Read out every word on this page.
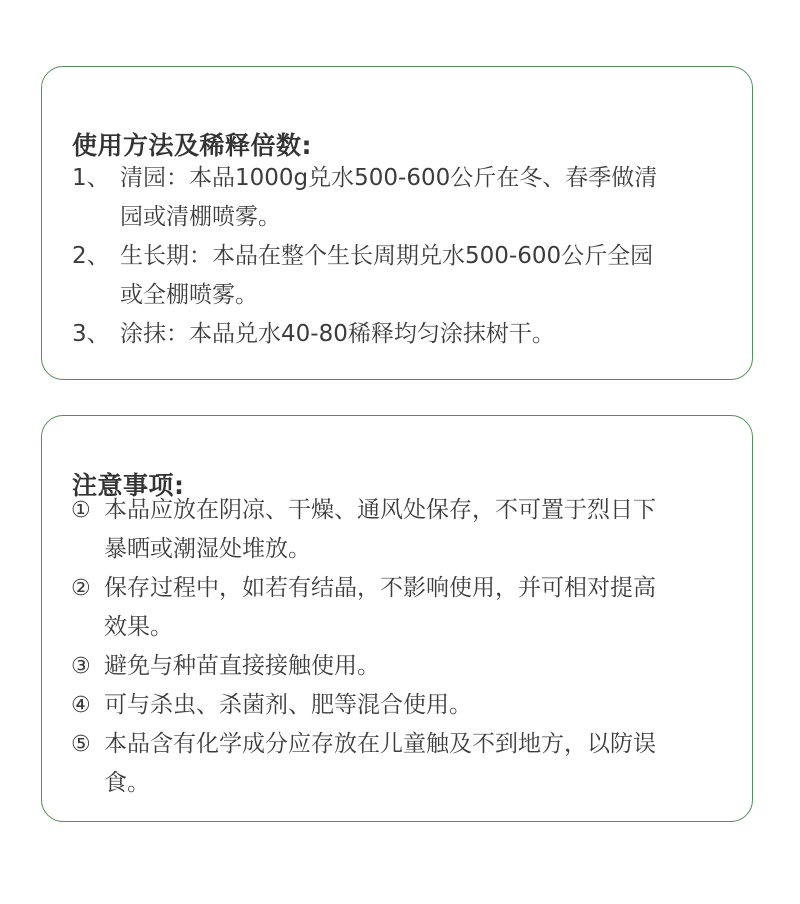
使用方法及稀释倍数:
1、 清园：本品1000g兑水500-600公斤在冬、春季做清
园或清棚喷雾。
2、 生长期：本品在整个生长周期兑水500-600公斤全园
或全棚喷雾。
3、 涂抹：本品兑水40-80稀释均匀涂抹树干。
注意事项:
① 本品应放在阴凉、干燥、通风处保存，不可置于烈日下
暴晒或潮湿处堆放。
② 保存过程中，如若有结晶，不影响使用，并可相对提高
效果。
③ 避免与种苗直接接触使用。
④ 可与杀虫、杀菌剂、肥等混合使用。
⑤ 本品含有化学成分应存放在儿童触及不到地方，以防误
食。
